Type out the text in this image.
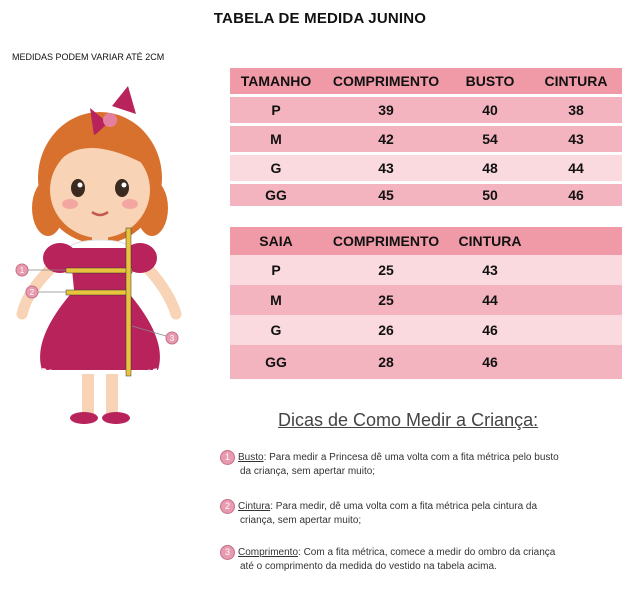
TABELA DE MEDIDA JUNINO
MEDIDAS PODEM VARIAR ATÉ 2CM
1
2
3
TAMANHO	COMPRIMENTO	BUSTO	CINTURA
P	39	40	38
M	42	54	43
G	43	48	44
GG	45	50	46
SAIA	COMPRIMENTO	CINTURA
P	25	43
M	25	44
G	26	46
GG	28	46
Dicas de Como Medir a Criança:
1 Busto: Para medir a Princesa dê uma volta com a fita métrica pelo busto
da criança, sem apertar muito;
2 Cintura: Para medir, dê uma volta com a fita métrica pela cintura da
criança, sem apertar muito;
3 Comprimento: Com a fita métrica, comece a medir do ombro da criança
até o comprimento da medida do vestido na tabela acima.
